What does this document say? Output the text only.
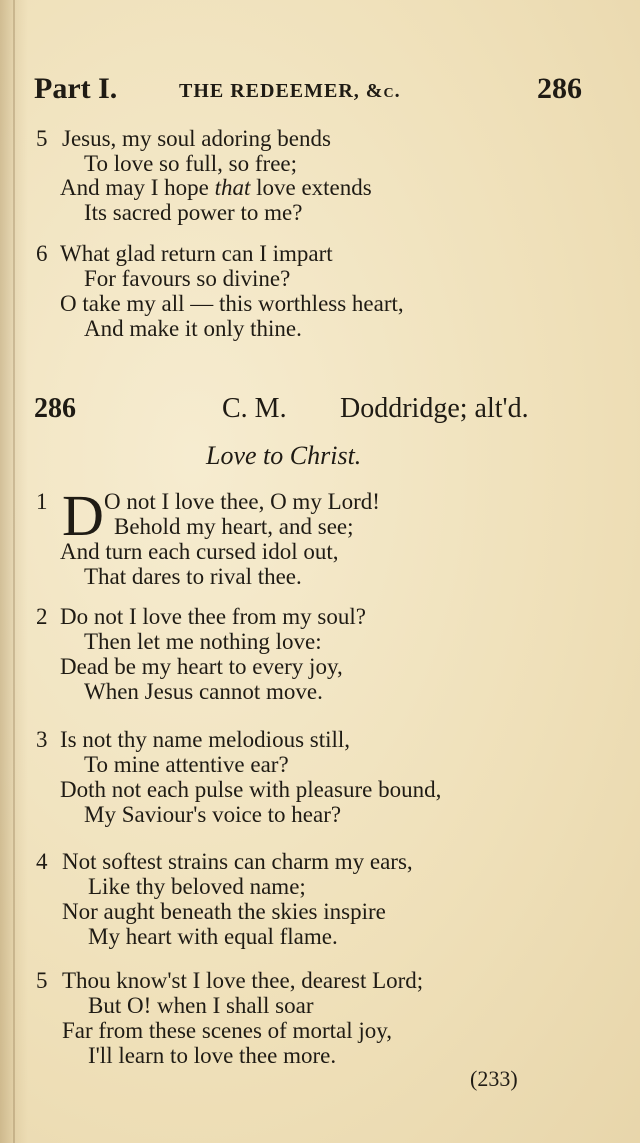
Part I.	THE REDEEMER, &c.	286
5 Jesus, my soul adoring bends
To love so full, so free;
And may I hope that love extends
Its sacred power to me?
6 What glad return can I impart
For favours so divine?
O take my all — this worthless heart,
And make it only thine.
286	C. M. Doddridge; alt'd.
Love to Christ.
1 D O not I love thee, O my Lord!
Behold my heart, and see;
And turn each cursed idol out,
That dares to rival thee.
2 Do not I love thee from my soul?
Then let me nothing love:
Dead be my heart to every joy,
When Jesus cannot move.
3 Is not thy name melodious still,
To mine attentive ear?
Doth not each pulse with pleasure bound,
My Saviour's voice to hear?
4 Not softest strains can charm my ears,
Like thy beloved name;
Nor aught beneath the skies inspire
My heart with equal flame.
5 Thou know'st I love thee, dearest Lord;
But O! when I shall soar
Far from these scenes of mortal joy,
I'll learn to love thee more.
(233)
